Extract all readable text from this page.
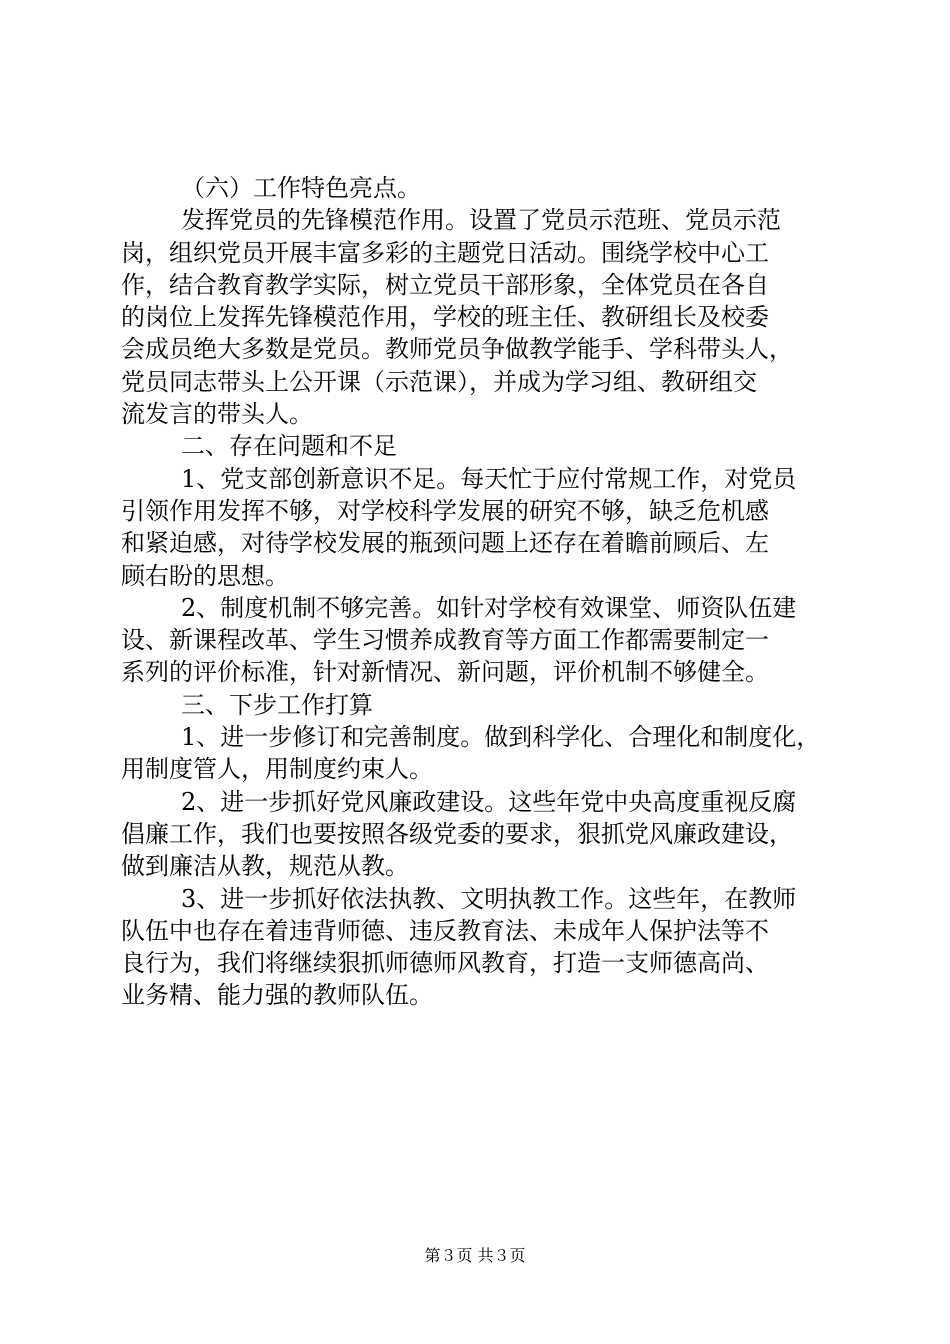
（六）工作特色亮点。
发挥党员的先锋模范作用。设置了党员示范班、党员示范
岗，组织党员开展丰富多彩的主题党日活动。围绕学校中心工
作，结合教育教学实际，树立党员干部形象，全体党员在各自
的岗位上发挥先锋模范作用，学校的班主任、教研组长及校委
会成员绝大多数是党员。教师党员争做教学能手、学科带头人，
党员同志带头上公开课（示范课），并成为学习组、教研组交
流发言的带头人。
二、存在问题和不足
1、党支部创新意识不足。每天忙于应付常规工作，对党员
引领作用发挥不够，对学校科学发展的研究不够，缺乏危机感
和紧迫感，对待学校发展的瓶颈问题上还存在着瞻前顾后、左
顾右盼的思想。
2、制度机制不够完善。如针对学校有效课堂、师资队伍建
设、新课程改革、学生习惯养成教育等方面工作都需要制定一
系列的评价标准，针对新情况、新问题，评价机制不够健全。
三、下步工作打算
1、进一步修订和完善制度。做到科学化、合理化和制度化，
用制度管人，用制度约束人。
2、进一步抓好党风廉政建设。这些年党中央高度重视反腐
倡廉工作，我们也要按照各级党委的要求，狠抓党风廉政建设，
做到廉洁从教，规范从教。
3、进一步抓好依法执教、文明执教工作。这些年，在教师
队伍中也存在着违背师德、违反教育法、未成年人保护法等不
良行为，我们将继续狠抓师德师风教育，打造一支师德高尚、
业务精、能力强的教师队伍。
第３页 共３页
